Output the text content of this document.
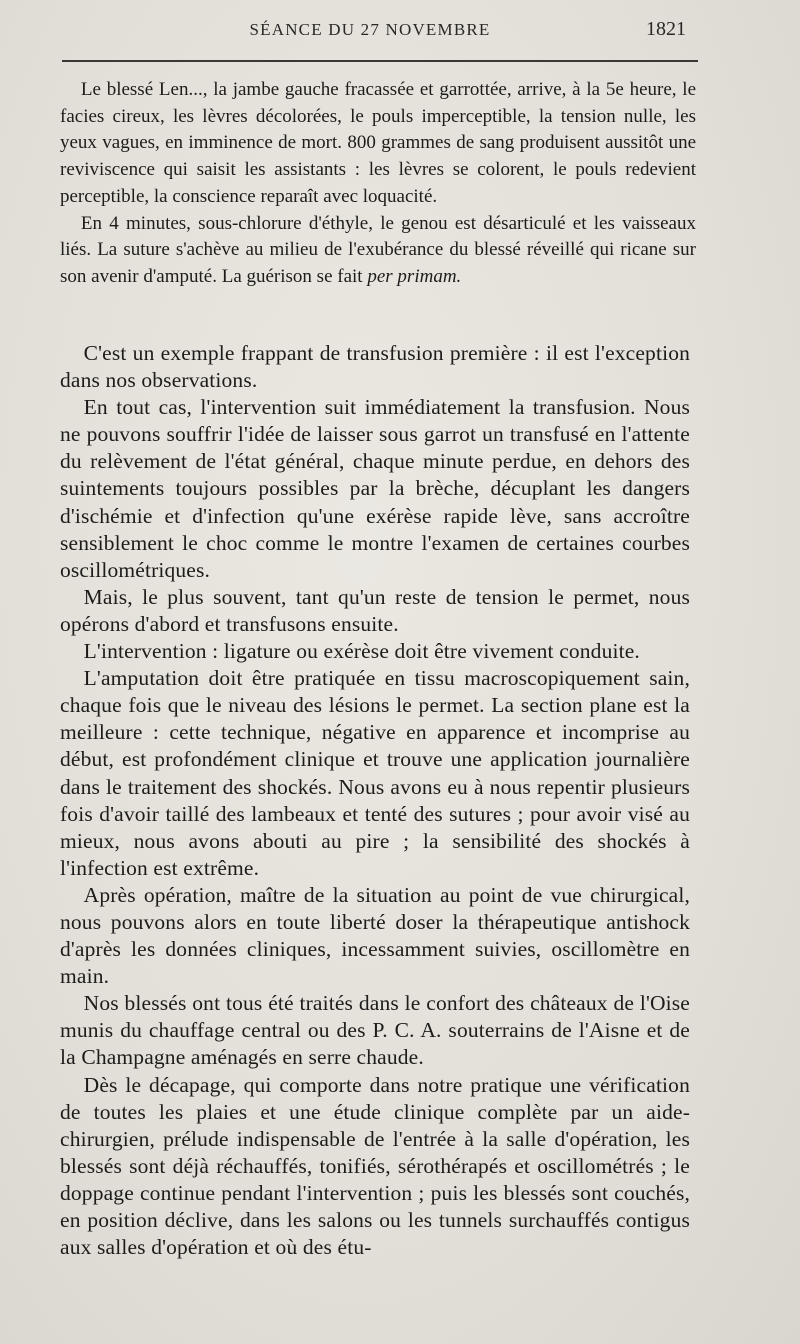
SÉANCE DU 27 NOVEMBRE	1821

Le blessé Len..., la jambe gauche fracassée et garrottée, arrive, à la 5e heure, le facies cireux, les lèvres décolorées, le pouls imperceptible, la tension nulle, les yeux vagues, en imminence de mort. 800 grammes de sang produisent aussitôt une reviviscence qui saisit les assistants : les lèvres se colorent, le pouls redevient perceptible, la conscience reparaît avec loquacité.

En 4 minutes, sous-chlorure d'éthyle, le genou est désarticulé et les vaisseaux liés. La suture s'achève au milieu de l'exubérance du blessé réveillé qui ricane sur son avenir d'amputé. La guérison se fait per primam.

C'est un exemple frappant de transfusion première : il est l'exception dans nos observations.

En tout cas, l'intervention suit immédiatement la transfusion. Nous ne pouvons souffrir l'idée de laisser sous garrot un transfusé en l'attente du relèvement de l'état général, chaque minute perdue, en dehors des suintements toujours possibles par la brèche, décuplant les dangers d'ischémie et d'infection qu'une exérèse rapide lève, sans accroître sensiblement le choc comme le montre l'examen de certaines courbes oscillométriques.

Mais, le plus souvent, tant qu'un reste de tension le permet, nous opérons d'abord et transfusons ensuite.

L'intervention : ligature ou exérèse doit être vivement conduite.

L'amputation doit être pratiquée en tissu macroscopiquement sain, chaque fois que le niveau des lésions le permet. La section plane est la meilleure : cette technique, négative en apparence et incomprise au début, est profondément clinique et trouve une application journalière dans le traitement des shockés. Nous avons eu à nous repentir plusieurs fois d'avoir taillé des lambeaux et tenté des sutures ; pour avoir visé au mieux, nous avons abouti au pire ; la sensibilité des shockés à l'infection est extrême.

Après opération, maître de la situation au point de vue chirurgical, nous pouvons alors en toute liberté doser la thérapeutique antishock d'après les données cliniques, incessamment suivies, oscillomètre en main.

Nos blessés ont tous été traités dans le confort des châteaux de l'Oise munis du chauffage central ou des P. C. A. souterrains de l'Aisne et de la Champagne aménagés en serre chaude.

Dès le décapage, qui comporte dans notre pratique une vérification de toutes les plaies et une étude clinique complète par un aide-chirurgien, prélude indispensable de l'entrée à la salle d'opération, les blessés sont déjà réchauffés, tonifiés, sérothérapés et oscillométrés ; le doppage continue pendant l'intervention ; puis les blessés sont couchés, en position déclive, dans les salons ou les tunnels surchauffés contigus aux salles d'opération et où des étu-
